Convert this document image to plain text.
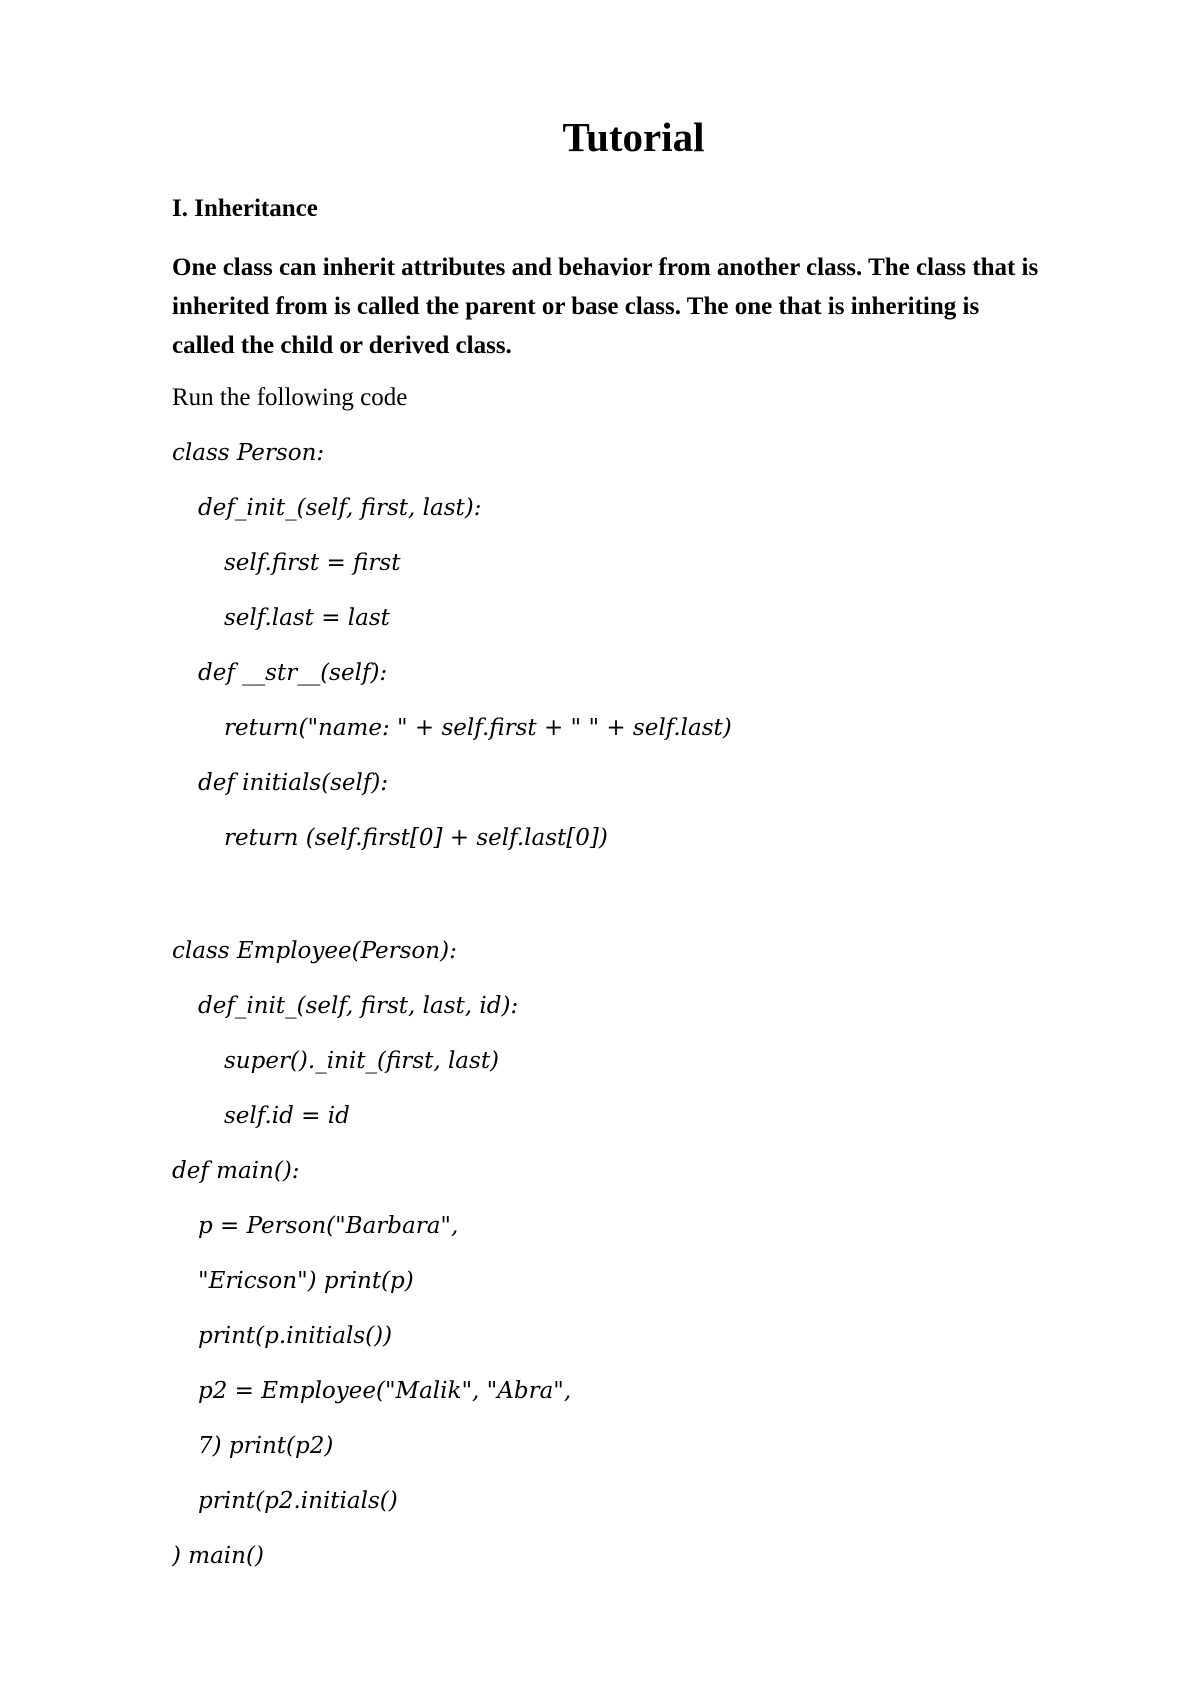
Tutorial
I. Inheritance
One class can inherit attributes and behavior from another class. The class that is
inherited from is called the parent or base class. The one that is inheriting is
called the child or derived class.
Run the following code
class Person:
def_init_(self, first, last):
self.first = first
self.last = last
def __str__(self):
return("name: " + self.first + " " + self.last)
def initials(self):
return (self.first[0] + self.last[0])
class Employee(Person):
def_init_(self, first, last, id):
super()._init_(first, last)
self.id = id
def main():
p = Person("Barbara",
"Ericson") print(p)
print(p.initials())
p2 = Employee("Malik", "Abra",
7) print(p2)
print(p2.initials()
) main()
